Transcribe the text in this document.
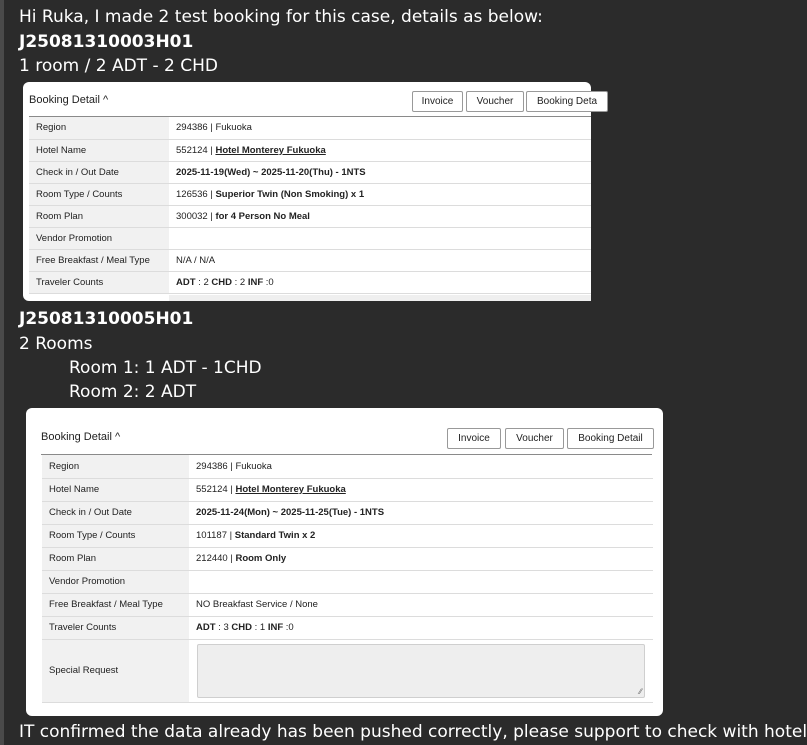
Hi Ruka, I made 2 test booking for this case, details as below:
J25081310003H01
1 room / 2 ADT - 2 CHD
Booking Detail ^	Invoice	Voucher	Booking Deta
Region	294386 | Fukuoka
Hotel Name	552124 | Hotel Monterey Fukuoka
Check in / Out Date	2025-11-19(Wed) ~ 2025-11-20(Thu) - 1NTS
Room Type / Counts	126536 | Superior Twin (Non Smoking) x 1
Room Plan	300032 | for 4 Person No Meal
Vendor Promotion	
Free Breakfast / Meal Type	N/A / N/A
Traveler Counts	ADT : 2 CHD : 2 INF :0
J25081310005H01
2 Rooms
Room 1: 1 ADT - 1CHD
Room 2: 2 ADT
Booking Detail ^	Invoice	Voucher	Booking Detail
Region	294386 | Fukuoka
Hotel Name	552124 | Hotel Monterey Fukuoka
Check in / Out Date	2025-11-24(Mon) ~ 2025-11-25(Tue) - 1NTS
Room Type / Counts	101187 | Standard Twin x 2
Room Plan	212440 | Room Only
Vendor Promotion	
Free Breakfast / Meal Type	NO Breakfast Service / None
Traveler Counts	ADT : 3 CHD : 1 INF :0
Special Request	∕∕
IT confirmed the data already has been pushed correctly, please support to check with hotel
